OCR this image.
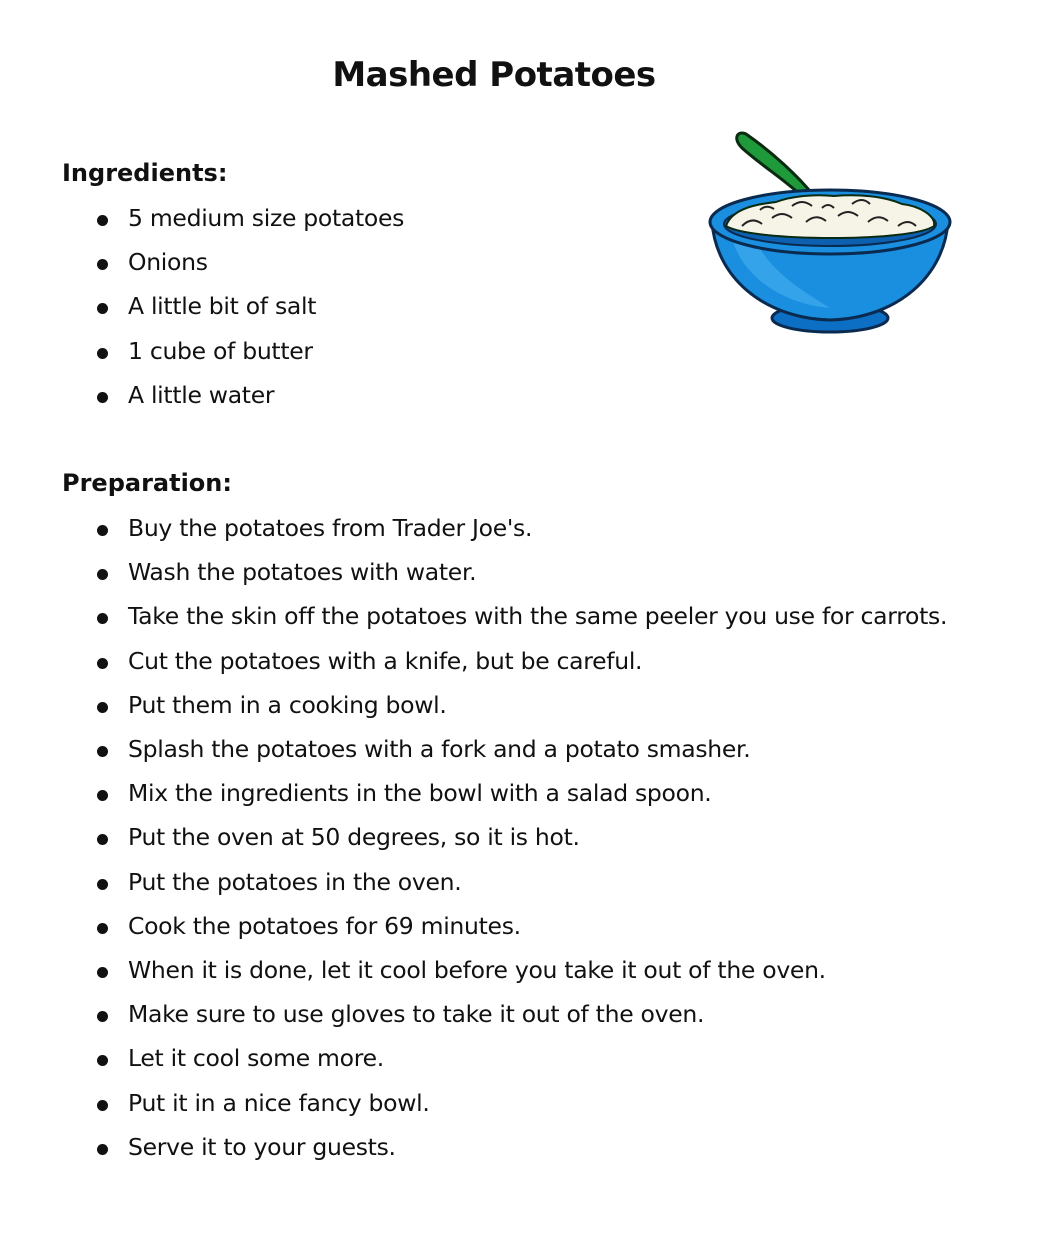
Mashed Potatoes
Ingredients:
5 medium size potatoes
Onions
A little bit of salt
1 cube of butter
A little water
Preparation:
Buy the potatoes from Trader Joe's.
Wash the potatoes with water.
Take the skin off the potatoes with the same peeler you use for carrots.
Cut the potatoes with a knife, but be careful.
Put them in a cooking bowl.
Splash the potatoes with a fork and a potato smasher.
Mix the ingredients in the bowl with a salad spoon.
Put the oven at 50 degrees, so it is hot.
Put the potatoes in the oven.
Cook the potatoes for 69 minutes.
When it is done, let it cool before you take it out of the oven.
Make sure to use gloves to take it out of the oven.
Let it cool some more.
Put it in a nice fancy bowl.
Serve it to your guests.
